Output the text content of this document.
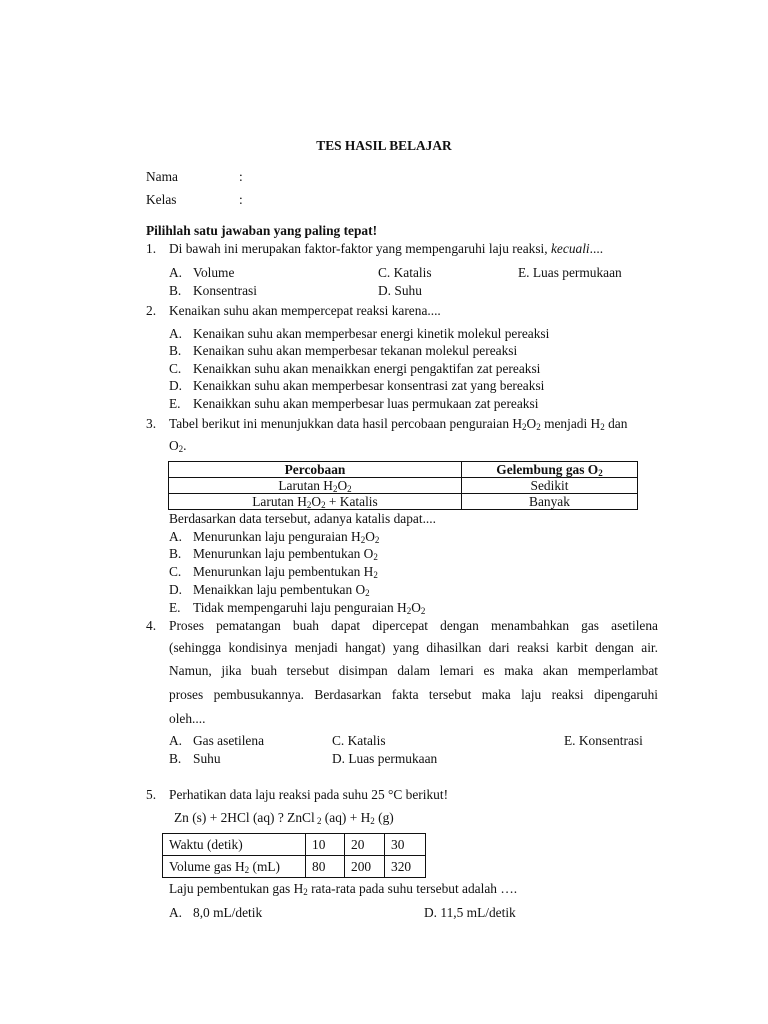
TES HASIL BELAJAR
Nama	:
Kelas	:
Pilihlah satu jawaban yang paling tepat!
1. Di bawah ini merupakan faktor-faktor yang mempengaruhi laju reaksi, kecuali....
A. Volume	C. Katalis	E. Luas permukaan
B. Konsentrasi	D. Suhu
2. Kenaikan suhu akan mempercepat reaksi karena....
A. Kenaikan suhu akan memperbesar energi kinetik molekul pereaksi
B. Kenaikan suhu akan memperbesar tekanan molekul pereaksi
C. Kenaikkan suhu akan menaikkan energi pengaktifan zat pereaksi
D. Kenaikkan suhu akan memperbesar konsentrasi zat yang bereaksi
E. Kenaikkan suhu akan memperbesar luas permukaan zat pereaksi
3. Tabel berikut ini menunjukkan data hasil percobaan penguraian $H_2O_2$ menjadi $H_2$ dan
$O_2$.
Percobaan	Gelembung gas $O_2$
Larutan $H_2O_2$	Sedikit
Larutan $H_2O_2$ + Katalis	Banyak
Berdasarkan data tersebut, adanya katalis dapat....
A. Menurunkan laju penguraian $H_2O_2$
B. Menurunkan laju pembentukan $O_2$
C. Menurunkan laju pembentukan $H_2$
D. Menaikkan laju pembentukan $O_2$
E. Tidak mempengaruhi laju penguraian $H_2O_2$
4. Proses pematangan buah dapat dipercepat dengan menambahkan gas asetilena
(sehingga kondisinya menjadi hangat) yang dihasilkan dari reaksi karbit dengan air.
Namun, jika buah tersebut disimpan dalam lemari es maka akan memperlambat
proses pembusukannya. Berdasarkan fakta tersebut maka laju reaksi dipengaruhi
oleh....
A. Gas asetilena	C. Katalis	E. Konsentrasi
B. Suhu	D. Luas permukaan
5. Perhatikan data laju reaksi pada suhu 25 °C berikut!
Zn (s) + 2HCl (aq) ? ZnCl $_2$ $(aq) + H_2$ (g)
Waktu (detik)	10	20	30
Volume gas $H_2$ (mL)	80	200	320
Laju pembentukan gas $H_2$ rata-rata pada suhu tersebut adalah ….
A. 8,0 mL/detik	D. 11,5 mL/detik
